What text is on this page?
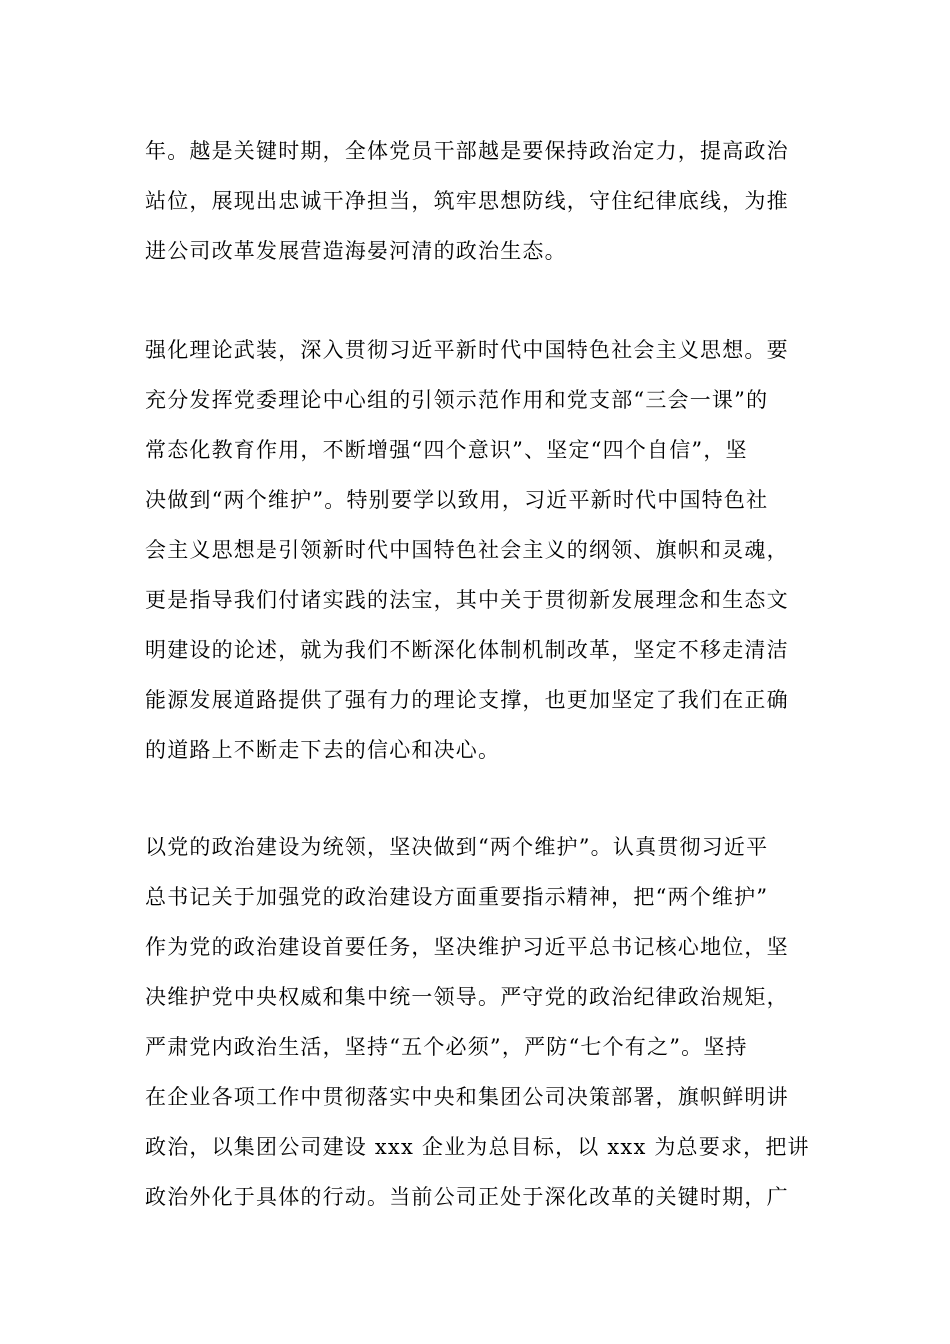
年。越是关键时期，全体党员干部越是要保持政治定力，提高政治
站位，展现出忠诚干净担当，筑牢思想防线，守住纪律底线，为推
进公司改革发展营造海晏河清的政治生态。
强化理论武装，深入贯彻习近平新时代中国特色社会主义思想。要
充分发挥党委理论中心组的引领示范作用和党支部“三会一课”的
常态化教育作用，不断增强“四个意识”、坚定“四个自信”，坚
决做到“两个维护”。特别要学以致用，习近平新时代中国特色社
会主义思想是引领新时代中国特色社会主义的纲领、旗帜和灵魂，
更是指导我们付诸实践的法宝，其中关于贯彻新发展理念和生态文
明建设的论述，就为我们不断深化体制机制改革，坚定不移走清洁
能源发展道路提供了强有力的理论支撑，也更加坚定了我们在正确
的道路上不断走下去的信心和决心。
以党的政治建设为统领，坚决做到“两个维护”。认真贯彻习近平
总书记关于加强党的政治建设方面重要指示精神，把“两个维护”
作为党的政治建设首要任务，坚决维护习近平总书记核心地位，坚
决维护党中央权威和集中统一领导。严守党的政治纪律政治规矩，
严肃党内政治生活，坚持“五个必须”，严防“七个有之”。坚持
在企业各项工作中贯彻落实中央和集团公司决策部署，旗帜鲜明讲
政治，以集团公司建设 xxx 企业为总目标，以 xxx 为总要求，把讲
政治外化于具体的行动。当前公司正处于深化改革的关键时期，广
